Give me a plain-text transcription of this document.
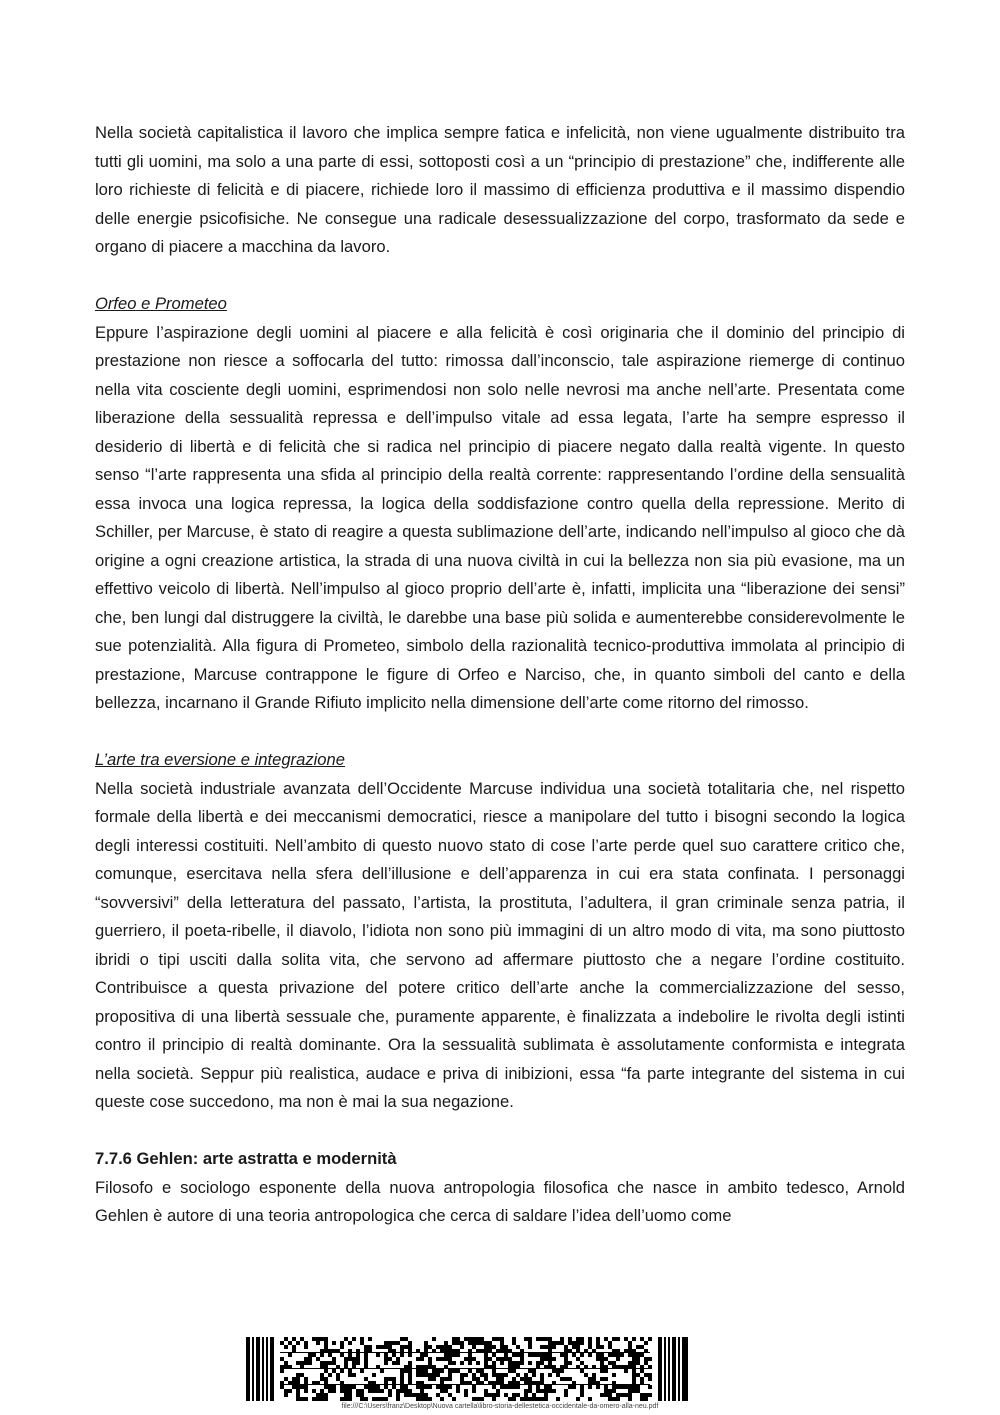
Nella società capitalistica il lavoro che implica sempre fatica e infelicità, non viene ugualmente distribuito tra tutti gli uomini, ma solo a una parte di essi, sottoposti così a un “principio di prestazione” che, indifferente alle loro richieste di felicità e di piacere, richiede loro il massimo di efficienza produttiva e il massimo dispendio delle energie psicofisiche. Ne consegue una radicale desessualizzazione del corpo, trasformato da sede e organo di piacere a macchina da lavoro.

Orfeo e Prometeo

Eppure l’aspirazione degli uomini al piacere e alla felicità è così originaria che il dominio del principio di prestazione non riesce a soffocarla del tutto: rimossa dall’inconscio, tale aspirazione riemerge di continuo nella vita cosciente degli uomini, esprimendosi non solo nelle nevrosi ma anche nell’arte. Presentata come liberazione della sessualità repressa e dell’impulso vitale ad essa legata, l’arte ha sempre espresso il desiderio di libertà e di felicità che si radica nel principio di piacere negato dalla realtà vigente. In questo senso “l’arte rappresenta una sfida al principio della realtà corrente: rappresentando l’ordine della sensualità essa invoca una logica repressa, la logica della soddisfazione contro quella della repressione. Merito di Schiller, per Marcuse, è stato di reagire a questa sublimazione dell’arte, indicando nell’impulso al gioco che dà origine a ogni creazione artistica, la strada di una nuova civiltà in cui la bellezza non sia più evasione, ma un effettivo veicolo di libertà. Nell’impulso al gioco proprio dell’arte è, infatti, implicita una “liberazione dei sensi” che, ben lungi dal distruggere la civiltà, le darebbe una base più solida e aumenterebbe considerevolmente le sue potenzialità. Alla figura di Prometeo, simbolo della razionalità tecnico-produttiva immolata al principio di prestazione, Marcuse contrappone le figure di Orfeo e Narciso, che, in quanto simboli del canto e della bellezza, incarnano il Grande Rifiuto implicito nella dimensione dell’arte come ritorno del rimosso.

L’arte tra eversione e integrazione

Nella società industriale avanzata dell’Occidente Marcuse individua una società totalitaria che, nel rispetto formale della libertà e dei meccanismi democratici, riesce a manipolare del tutto i bisogni secondo la logica degli interessi costituiti. Nell’ambito di questo nuovo stato di cose l’arte perde quel suo carattere critico che, comunque, esercitava nella sfera dell’illusione e dell’apparenza in cui era stata confinata. I personaggi “sovversivi” della letteratura del passato, l’artista, la prostituta, l’adultera, il gran criminale senza patria, il guerriero, il poeta-ribelle, il diavolo, l’idiota non sono più immagini di un altro modo di vita, ma sono piuttosto ibridi o tipi usciti dalla solita vita, che servono ad affermare piuttosto che a negare l’ordine costituito. Contribuisce a questa privazione del potere critico dell’arte anche la commercializzazione del sesso, propositiva di una libertà sessuale che, puramente apparente, è finalizzata a indebolire le rivolta degli istinti contro il principio di realtà dominante. Ora la sessualità sublimata è assolutamente conformista e integrata nella società. Seppur più realistica, audace e priva di inibizioni, essa “fa parte integrante del sistema in cui queste cose succedono, ma non è mai la sua negazione.

7.7.6 Gehlen: arte astratta e modernità

Filosofo e sociologo esponente della nuova antropologia filosofica che nasce in ambito tedesco, Arnold Gehlen è autore di una teoria antropologica che cerca di saldare l’idea dell’uomo come

file:///C:\Users\franz\Desktop\Nuova cartella\libro-storia-dellestetica-occidentale-da-omero-alla-neu.pdf
